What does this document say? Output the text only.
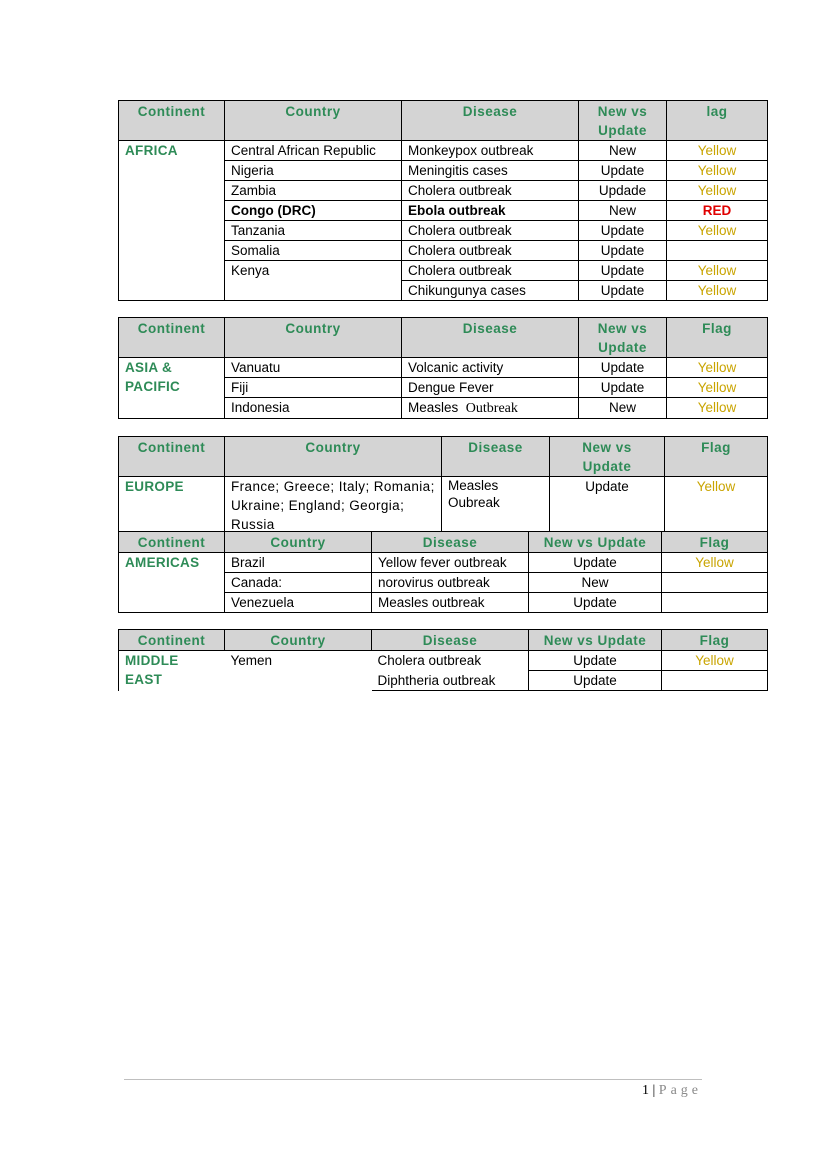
Continent	Country	Disease	New vs Update	lag
AFRICA	Central African Republic	Monkeypox outbreak	New	Yellow
	Nigeria	Meningitis cases	Update	Yellow
	Zambia	Cholera outbreak	Updade	Yellow
	Congo (DRC)	Ebola outbreak	New	RED
	Tanzania	Cholera outbreak	Update	Yellow
	Somalia	Cholera outbreak	Update	
	Kenya	Cholera outbreak	Update	Yellow
		Chikungunya cases	Update	Yellow
Continent	Country	Disease	New vs Update	Flag
ASIA & PACIFIC	Vanuatu	Volcanic activity	Update	Yellow
	Fiji	Dengue Fever	Update	Yellow
	Indonesia	Measles Outbreak	New	Yellow
Continent	Country	Disease	New vs Update	Flag
EUROPE	France; Greece; Italy; Romania; Ukraine; England; Georgia; Russia	Measles Oubreak	Update	Yellow
Continent	Country	Disease	New vs Update	Flag
AMERICAS	Brazil	Yellow fever outbreak	Update	Yellow
	Canada:	norovirus outbreak	New	
	Venezuela	Measles outbreak	Update	
Continent	Country	Disease	New vs Update	Flag
MIDDLE EAST	Yemen	Cholera outbreak	Update	Yellow
		Diphtheria outbreak	Update	
1 | Page
